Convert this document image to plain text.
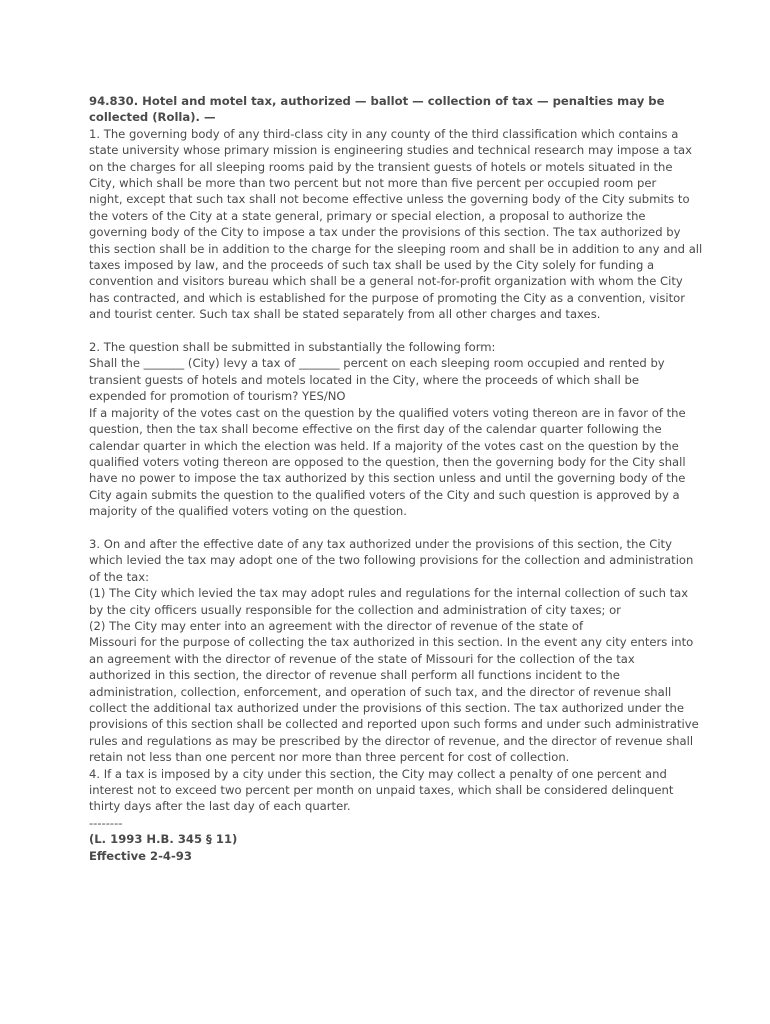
94.830. Hotel and motel tax, authorized — ballot — collection of tax — penalties may be
collected (Rolla). —
1. The governing body of any third-class city in any county of the third classification which contains a
state university whose primary mission is engineering studies and technical research may impose a tax
on the charges for all sleeping rooms paid by the transient guests of hotels or motels situated in the
City, which shall be more than two percent but not more than five percent per occupied room per
night, except that such tax shall not become effective unless the governing body of the City submits to
the voters of the City at a state general, primary or special election, a proposal to authorize the
governing body of the City to impose a tax under the provisions of this section. The tax authorized by
this section shall be in addition to the charge for the sleeping room and shall be in addition to any and all
taxes imposed by law, and the proceeds of such tax shall be used by the City solely for funding a
convention and visitors bureau which shall be a general not-for-profit organization with whom the City
has contracted, and which is established for the purpose of promoting the City as a convention, visitor
and tourist center. Such tax shall be stated separately from all other charges and taxes.
2. The question shall be submitted in substantially the following form:
Shall the _______ (City) levy a tax of _______ percent on each sleeping room occupied and rented by
transient guests of hotels and motels located in the City, where the proceeds of which shall be
expended for promotion of tourism? YES/NO
If a majority of the votes cast on the question by the qualified voters voting thereon are in favor of the
question, then the tax shall become effective on the first day of the calendar quarter following the
calendar quarter in which the election was held. If a majority of the votes cast on the question by the
qualified voters voting thereon are opposed to the question, then the governing body for the City shall
have no power to impose the tax authorized by this section unless and until the governing body of the
City again submits the question to the qualified voters of the City and such question is approved by a
majority of the qualified voters voting on the question.
3. On and after the effective date of any tax authorized under the provisions of this section, the City
which levied the tax may adopt one of the two following provisions for the collection and administration
of the tax:
(1) The City which levied the tax may adopt rules and regulations for the internal collection of such tax
by the city officers usually responsible for the collection and administration of city taxes; or
(2) The City may enter into an agreement with the director of revenue of the state of
Missouri for the purpose of collecting the tax authorized in this section. In the event any city enters into
an agreement with the director of revenue of the state of Missouri for the collection of the tax
authorized in this section, the director of revenue shall perform all functions incident to the
administration, collection, enforcement, and operation of such tax, and the director of revenue shall
collect the additional tax authorized under the provisions of this section. The tax authorized under the
provisions of this section shall be collected and reported upon such forms and under such administrative
rules and regulations as may be prescribed by the director of revenue, and the director of revenue shall
retain not less than one percent nor more than three percent for cost of collection.
4. If a tax is imposed by a city under this section, the City may collect a penalty of one percent and
interest not to exceed two percent per month on unpaid taxes, which shall be considered delinquent
thirty days after the last day of each quarter.
--------
(L. 1993 H.B. 345 § 11)
Effective 2-4-93
